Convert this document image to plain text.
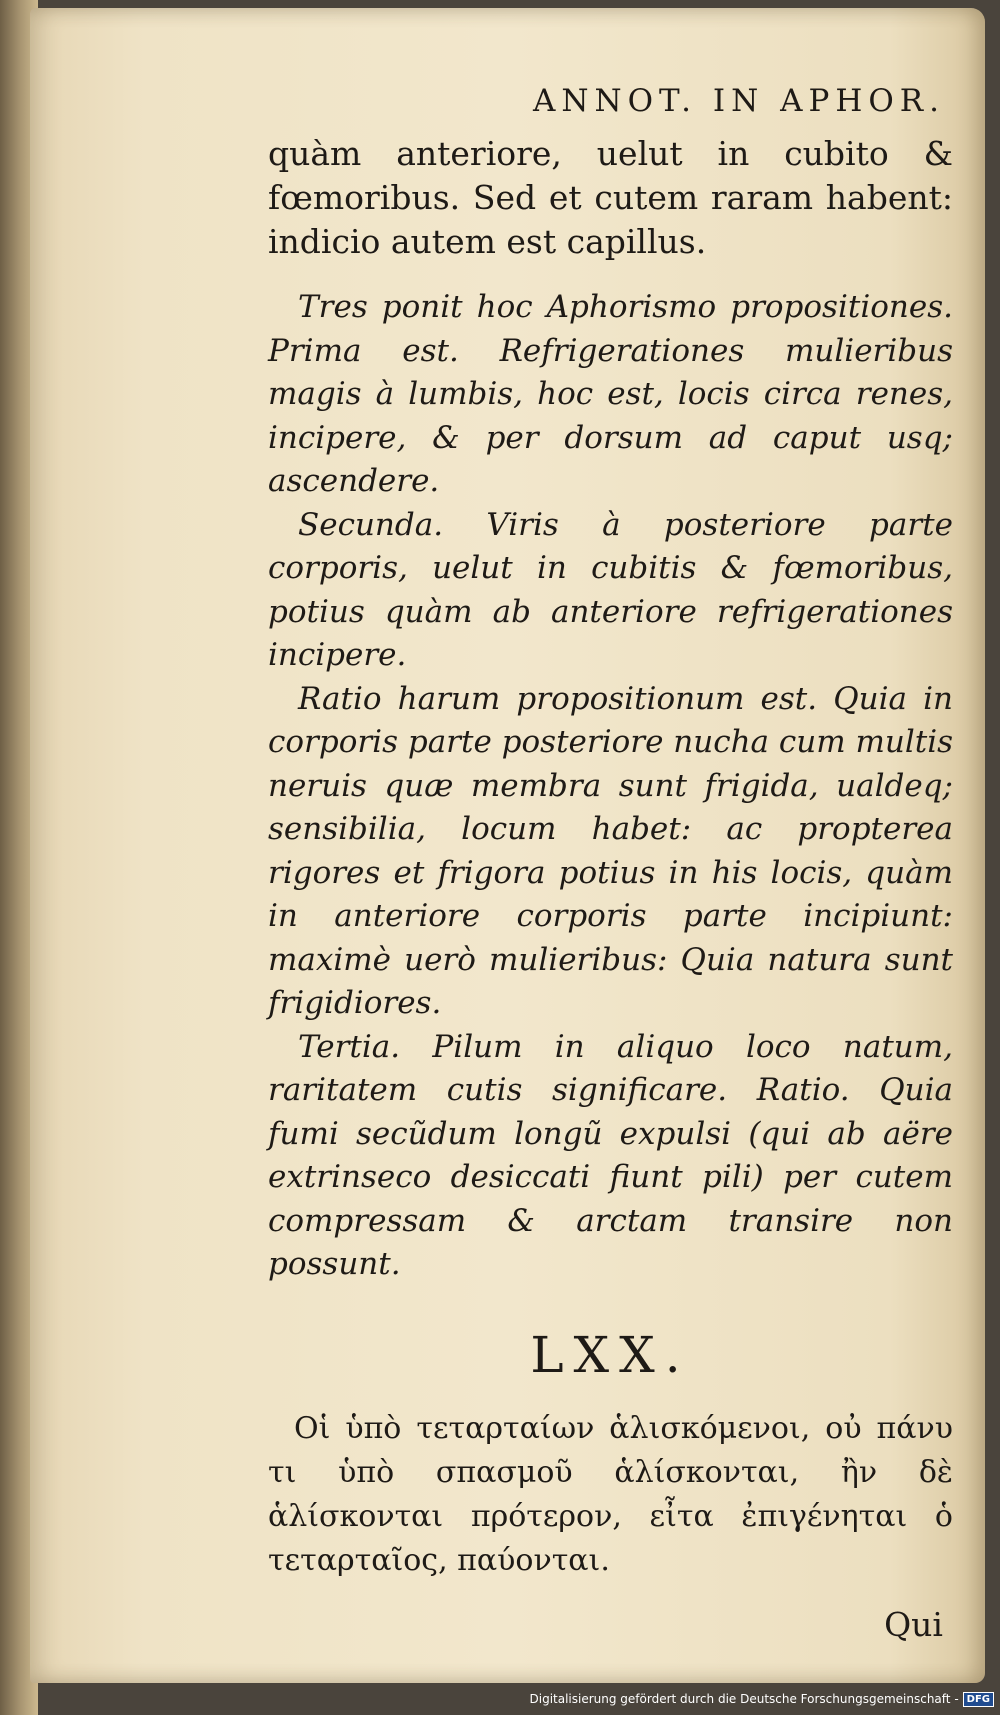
ANNOT. IN APHOR.

quàm anteriore, uelut in cubito & fœmoribus. Sed et cutem raram habent: indicio autem est capillus.

Tres ponit hoc Aphorismo propositiones. Prima est. Refrigerationes mulieribus magis à lumbis, hoc est, locis circa renes, incipere, & per dorsum ad caput usq; ascendere.

Secunda. Viris à posteriore parte corporis, uelut in cubitis & fœmoribus, potius quàm ab anteriore refrigerationes incipere.

Ratio harum propositionum est. Quia in corporis parte posteriore nucha cum multis neruis quæ membra sunt frigida, ualdeq; sensibilia, locum habet: ac propterea rigores et frigora potius in his locis, quàm in anteriore corporis parte incipiunt: maximè uerò mulieribus: Quia natura sunt frigidiores.

Tertia. Pilum in aliquo loco natum, raritatem cutis significare. Ratio. Quia fumi secũdum longũ expulsi (qui ab aëre extrinseco desiccati fiunt pili) per cutem compressam & arctam transire non possunt.

LXX.

Οἱ ὑπὸ τεταρταίων ἁλισκόμενοι, οὐ πάνυ τι ὑπὸ σπασμοῦ ἁλίσκονται, ἢν δὲ ἁλίσκονται πρότερον, εἶτα ἐπιγένηται ὁ τεταρταῖος, παύονται.

Qui
Digitalisierung gefördert durch die Deutsche Forschungsgemeinschaft - DFG
